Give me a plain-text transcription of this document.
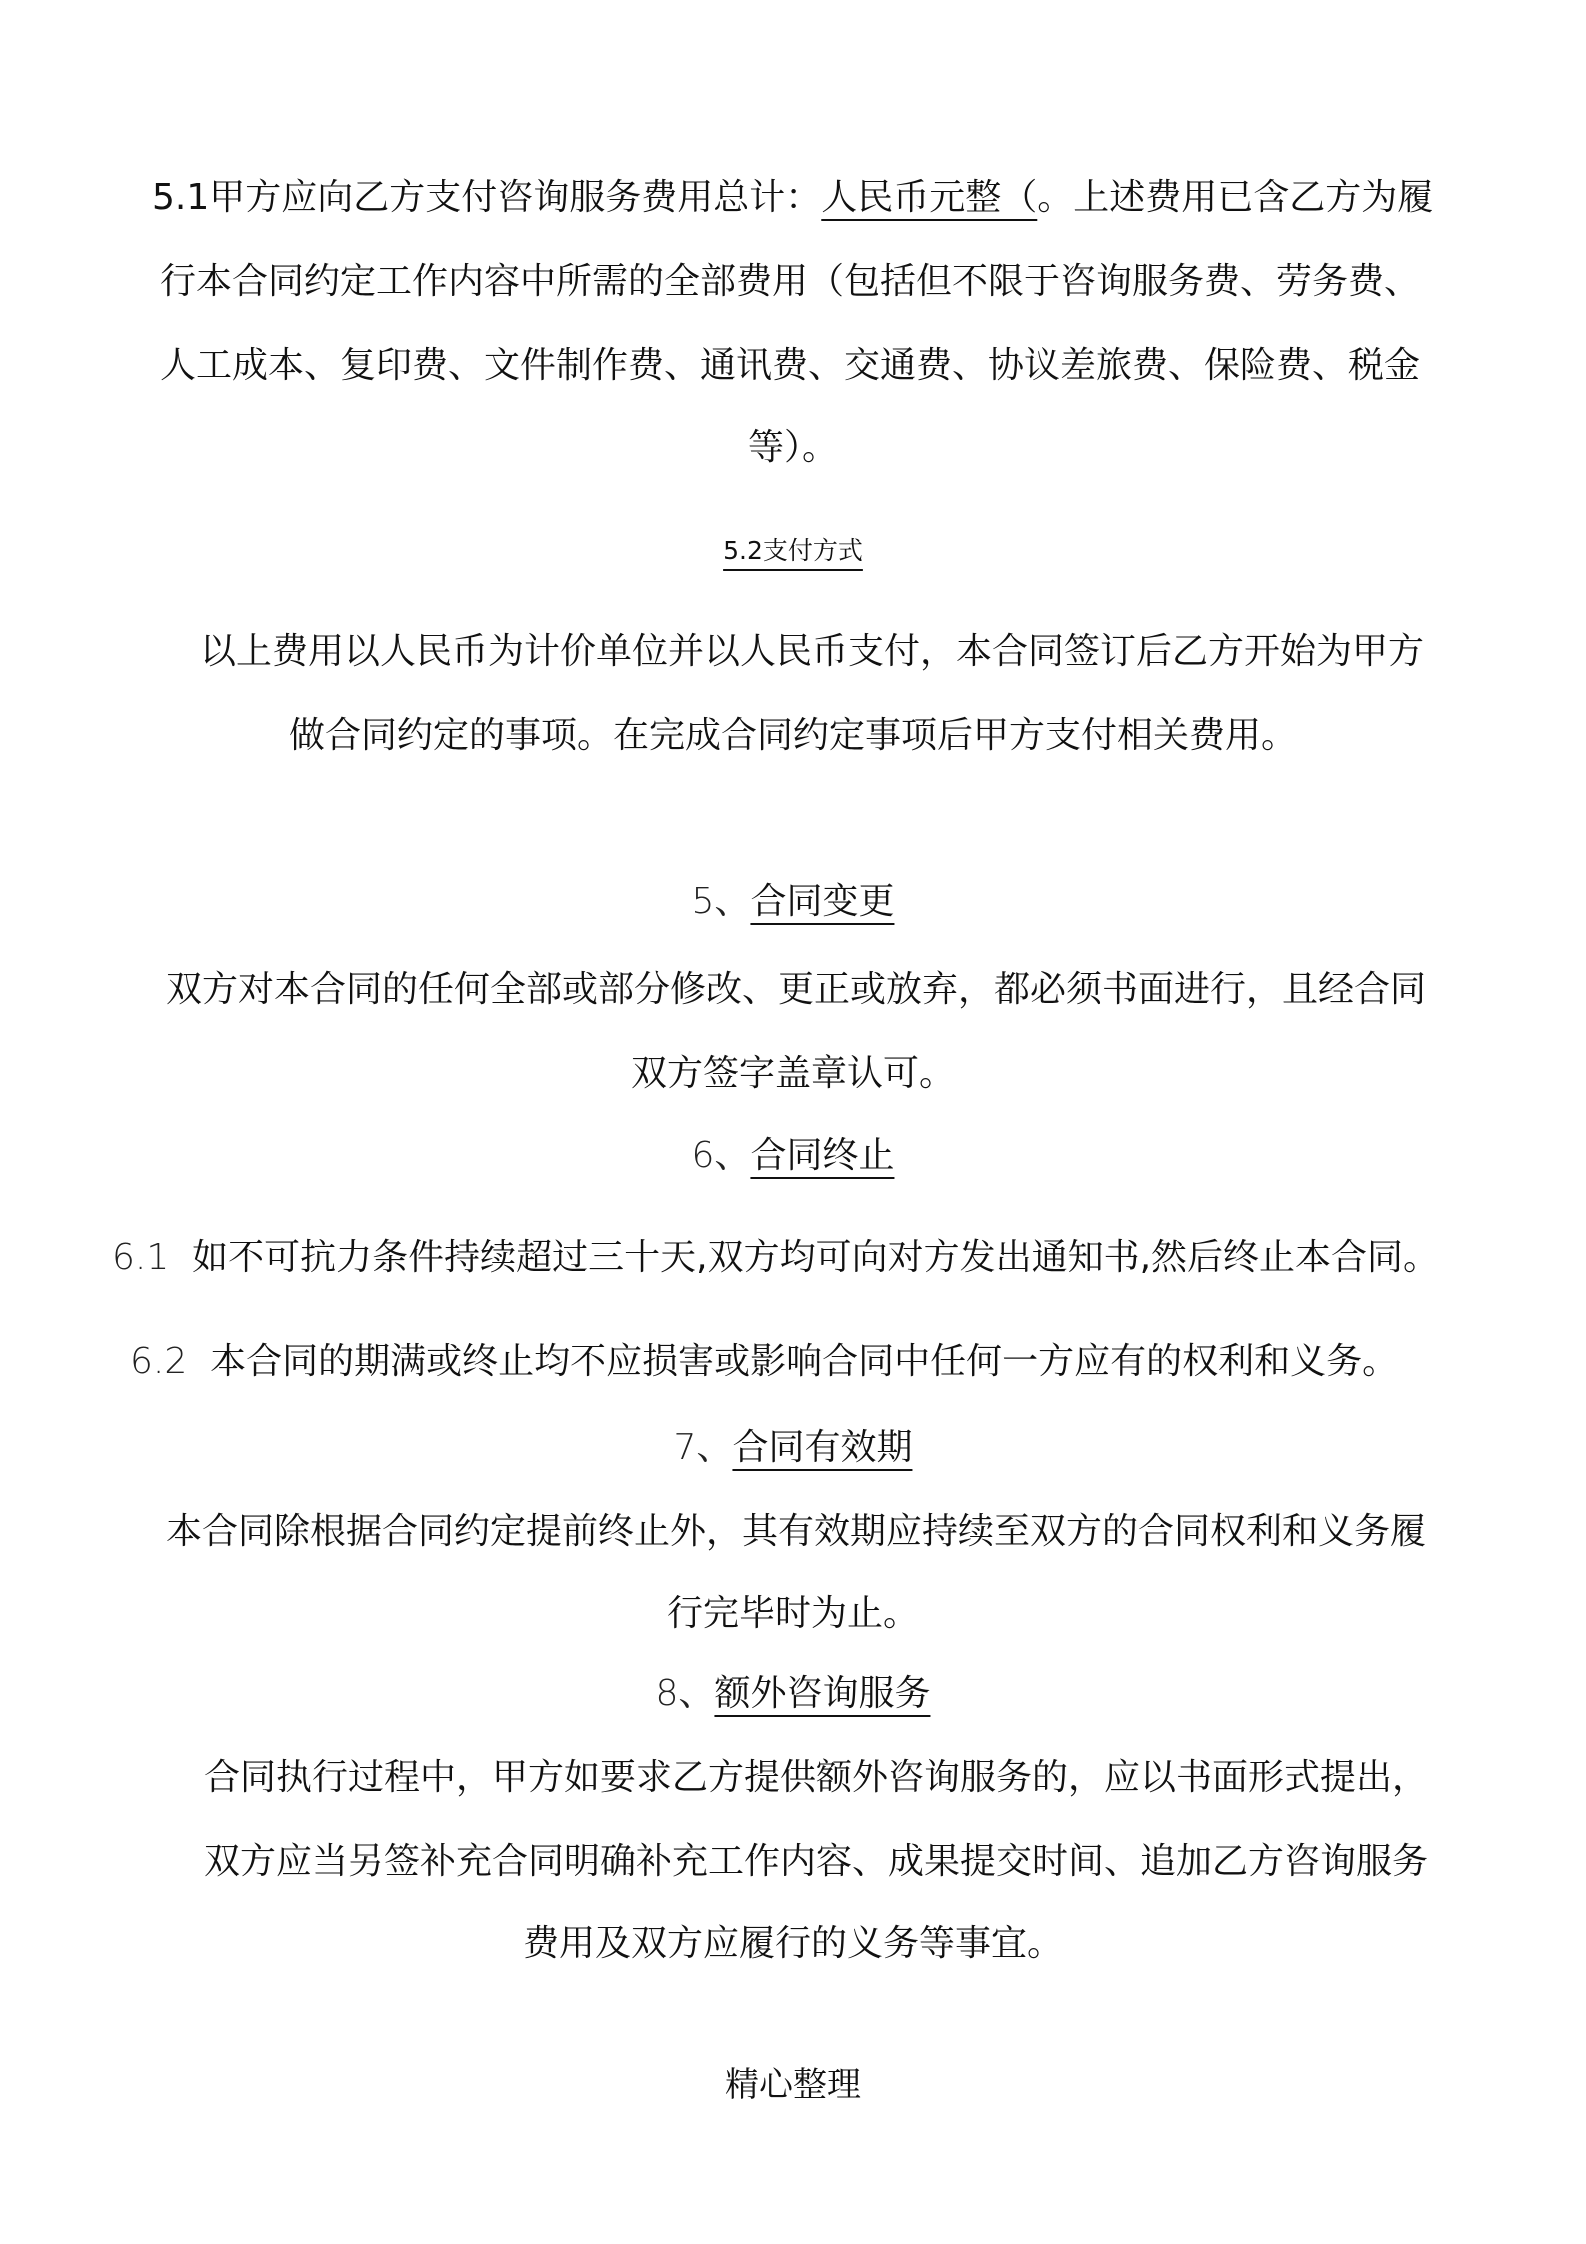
5.1甲方应向乙方支付咨询服务费用总计：人民币元整（。上述费用已含乙方为履
行本合同约定工作内容中所需的全部费用（包括但不限于咨询服务费、劳务费、
人工成本、复印费、文件制作费、通讯费、交通费、协议差旅费、保险费、税金
等）。
5.2支付方式
以上费用以人民币为计价单位并以人民币支付，本合同签订后乙方开始为甲方
做合同约定的事项。在完成合同约定事项后甲方支付相关费用。
5、合同变更
双方对本合同的任何全部或部分修改、更正或放弃，都必须书面进行，且经合同
双方签字盖章认可。
6、合同终止
6.1 如不可抗力条件持续超过三十天,双方均可向对方发出通知书,然后终止本合同。
6.2 本合同的期满或终止均不应损害或影响合同中任何一方应有的权利和义务。
7、合同有效期
本合同除根据合同约定提前终止外，其有效期应持续至双方的合同权利和义务履
行完毕时为止。
8、额外咨询服务
合同执行过程中，甲方如要求乙方提供额外咨询服务的，应以书面形式提出，
双方应当另签补充合同明确补充工作内容、成果提交时间、追加乙方咨询服务
费用及双方应履行的义务等事宜。
精心整理
